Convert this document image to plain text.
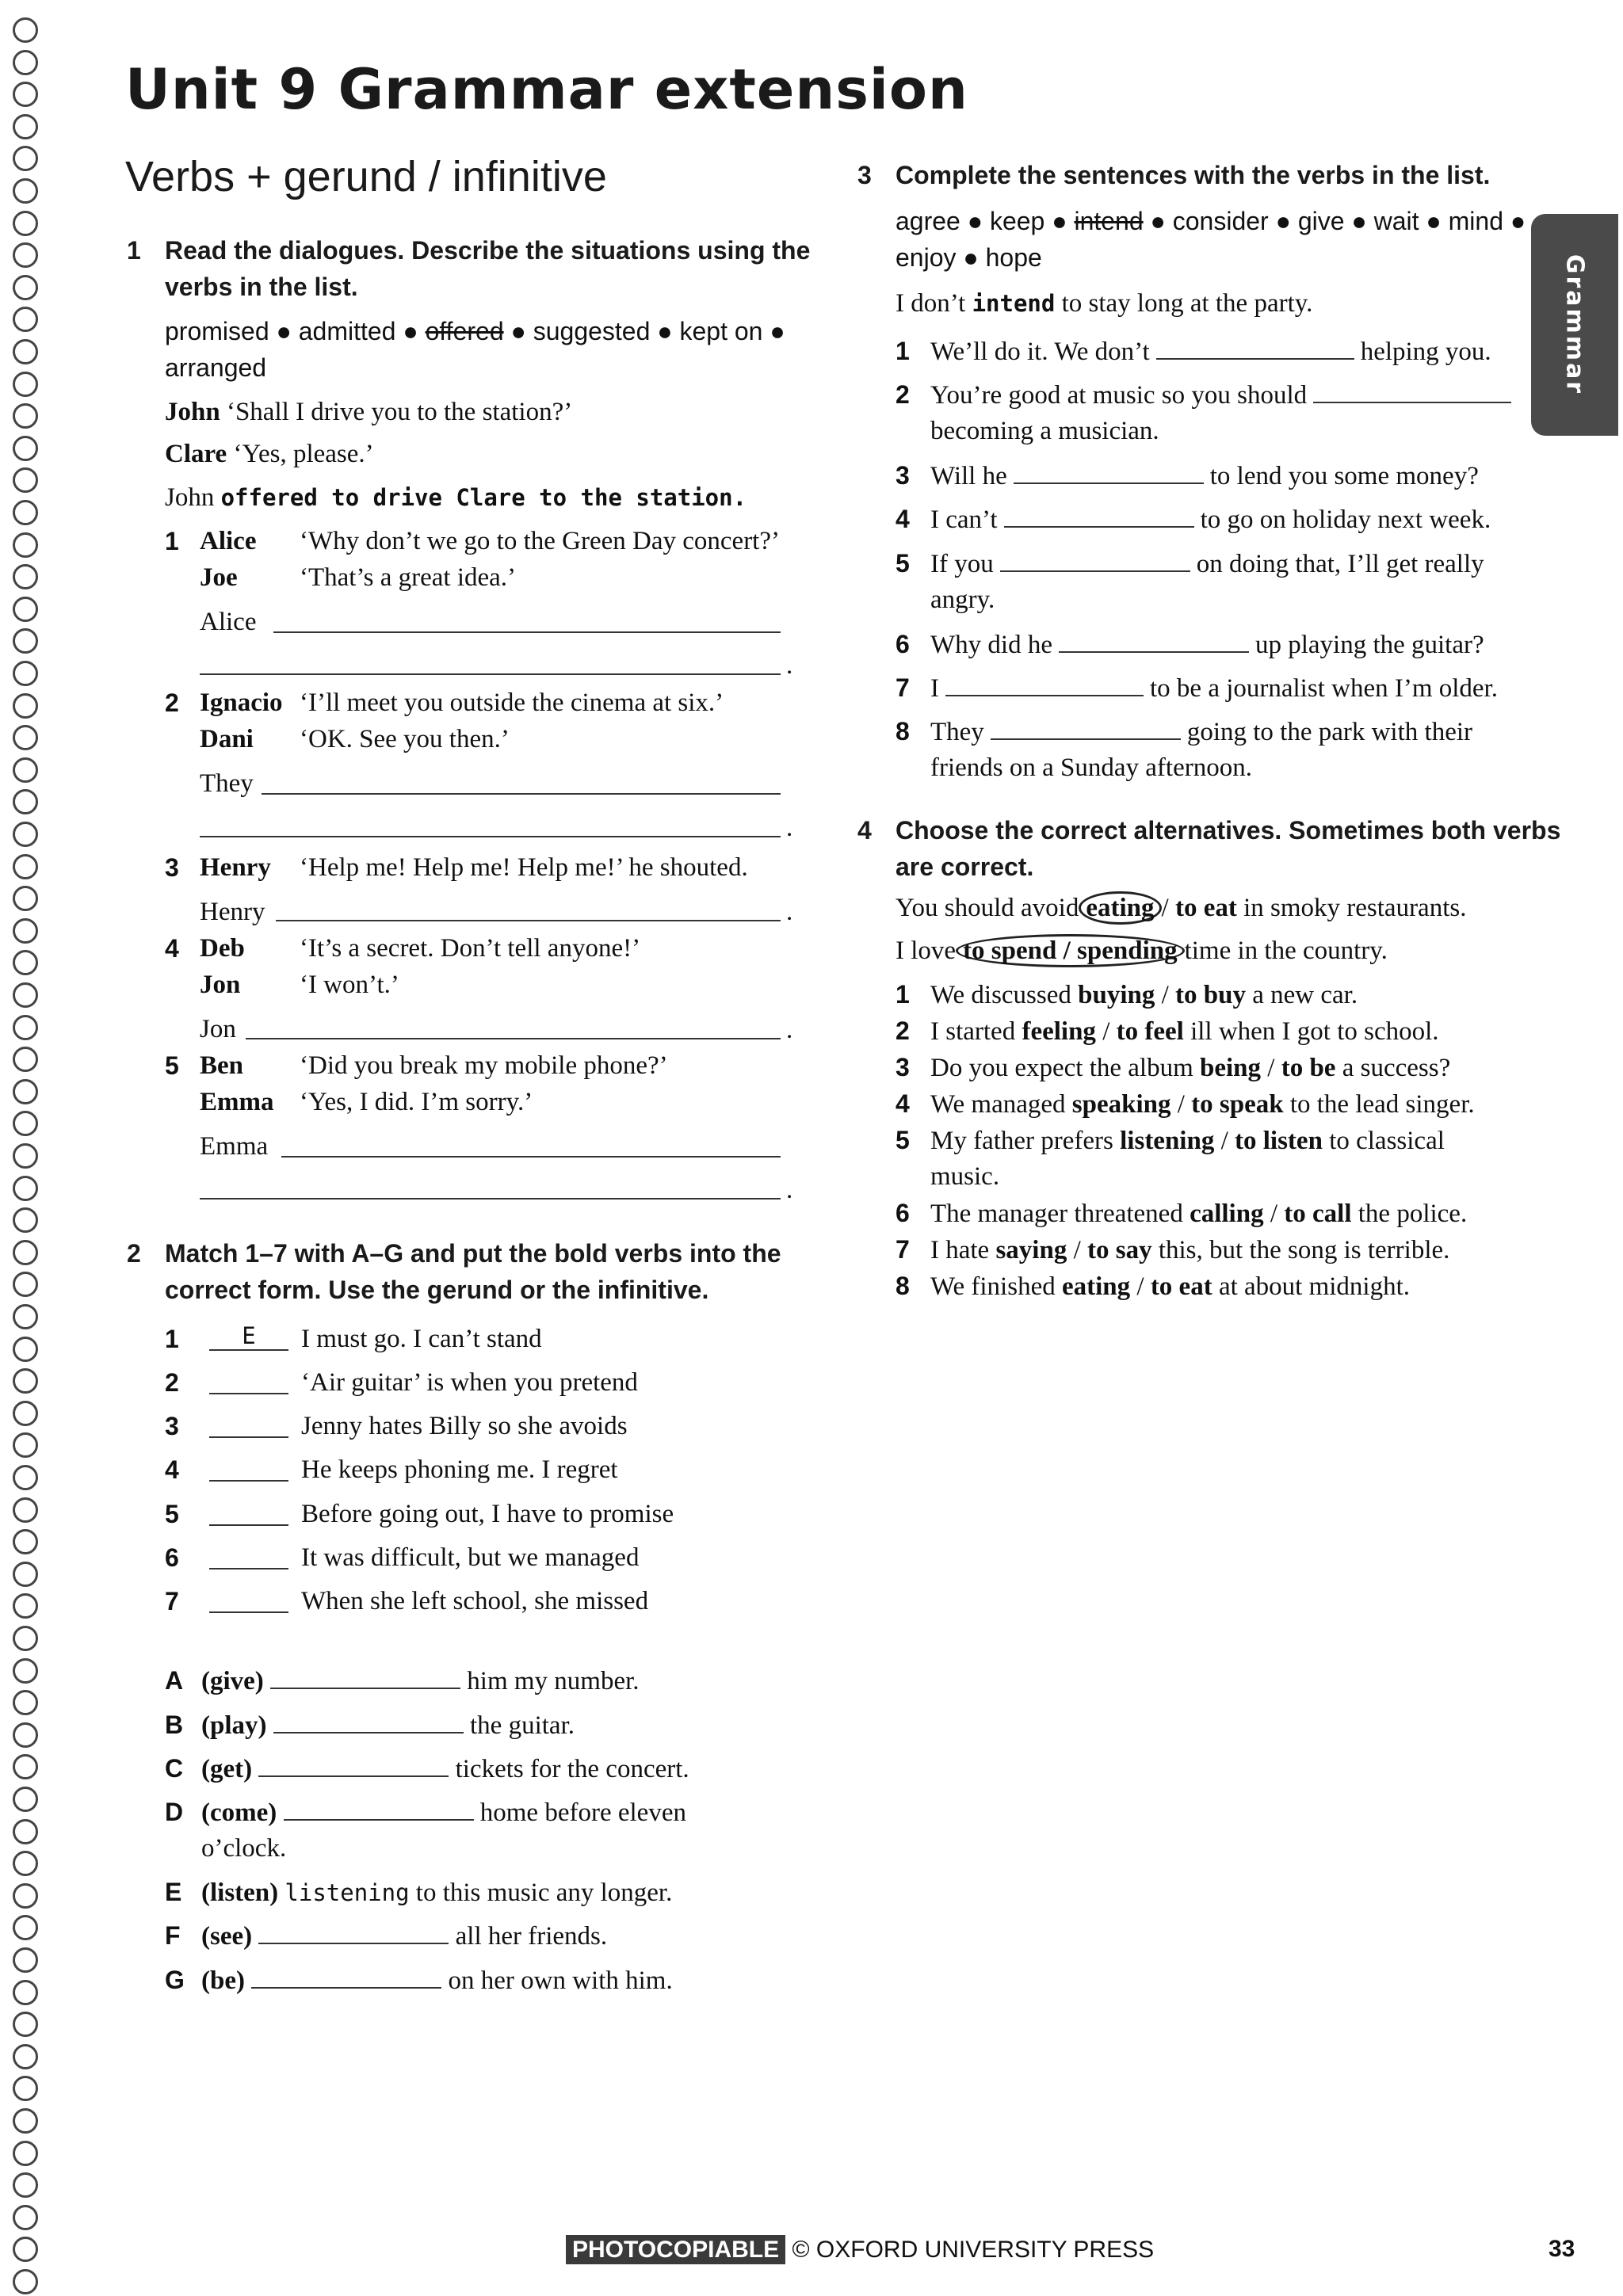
Unit 9 Grammar extension
Verbs + gerund / infinitive
Grammar
1 Read the dialogues. Describe the situations using the
verbs in the list.
promised ● admitted ● offered ● suggested ● kept on ●
arranged
John ‘Shall I drive you to the station?’
Clare ‘Yes, please.’
John offered to drive Clare to the station.
1 Alice ‘Why don’t we go to the Green Day concert?’
Joe ‘That’s a great idea.’
Alice
.
2 Ignacio ‘I’ll meet you outside the cinema at six.’
Dani ‘OK. See you then.’
They
.
3 Henry ‘Help me! Help me! Help me!’ he shouted.
Henry	.
4 Deb ‘It’s a secret. Don’t tell anyone!’
Jon ‘I won’t.’
Jon	.
5 Ben ‘Did you break my mobile phone?’
Emma ‘Yes, I did. I’m sorry.’
Emma
.
2 Match 1–7 with A–G and put the bold verbs into the
correct form. Use the gerund or the infinitive.
1	E	I must go. I can’t stand
2	‘Air guitar’ is when you pretend
3	Jenny hates Billy so she avoids
4	He keeps phoning me. I regret
5	Before going out, I have to promise
6	It was difficult, but we managed
7	When she left school, she missed
A (give)	him my number.
B (play)	the guitar.
C (get)	tickets for the concert.
D (come)	home before eleven
o’clock.
E (listen) listening to this music any longer.
F (see)	all her friends.
G (be)	on her own with him.
3 Complete the sentences with the verbs in the list.
agree ● keep ● intend ● consider ● give ● wait ● mind ●
enjoy ● hope
I don’t intend to stay long at the party.
1 We’ll do it. We don’t	helping you.
2 You’re good at music so you should
becoming a musician.
3 Will he	to lend you some money?
4 I can’t	to go on holiday next week.
5 If you	on doing that, I’ll get really
angry.
6 Why did he	up playing the guitar?
7 I	to be a journalist when I’m older.
8 They	going to the park with their
friends on a Sunday afternoon.
4 Choose the correct alternatives. Sometimes both verbs
are correct.
You should avoid eating / to eat in smoky restaurants.
I love to spend / spending time in the country.
1 We discussed buying / to buy a new car.
2 I started feeling / to feel ill when I got to school.
3 Do you expect the album being / to be a success?
4 We managed speaking / to speak to the lead singer.
5 My father prefers listening / to listen to classical
music.
6 The manager threatened calling / to call the police.
7 I hate saying / to say this, but the song is terrible.
8 We finished eating / to eat at about midnight.
PHOTOCOPIABLE © OXFORD UNIVERSITY PRESS	33
